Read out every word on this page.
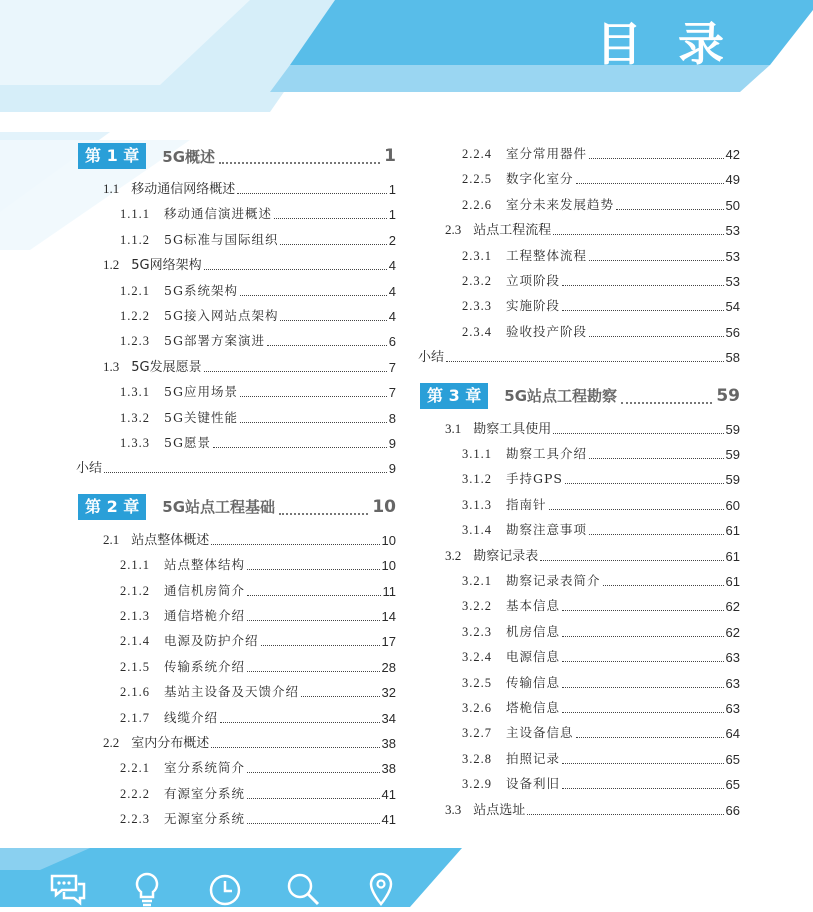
目录
第 1 章	5G概述	1
1.1 移动通信网络概述	1
1.1.1 移动通信演进概述	1
1.1.2 5G标准与国际组织	2
1.2 5G网络架构	4
1.2.1 5G系统架构	4
1.2.2 5G接入网站点架构	4
1.2.3 5G部署方案演进	6
1.3 5G发展愿景	7
1.3.1 5G应用场景	7
1.3.2 5G关键性能	8
1.3.3 5G愿景	9
小结	9
第 2 章	5G站点工程基础	10
2.1 站点整体概述	10
2.1.1 站点整体结构	10
2.1.2 通信机房简介	11
2.1.3 通信塔桅介绍	14
2.1.4 电源及防护介绍	17
2.1.5 传输系统介绍	28
2.1.6 基站主设备及天馈介绍	32
2.1.7 线缆介绍	34
2.2 室内分布概述	38
2.2.1 室分系统简介	38
2.2.2 有源室分系统	41
2.2.3 无源室分系统	41
2.2.4 室分常用器件	42
2.2.5 数字化室分	49
2.2.6 室分未来发展趋势	50
2.3 站点工程流程	53
2.3.1 工程整体流程	53
2.3.2 立项阶段	53
2.3.3 实施阶段	54
2.3.4 验收投产阶段	56
小结	58
第 3 章	5G站点工程勘察	59
3.1 勘察工具使用	59
3.1.1 勘察工具介绍	59
3.1.2 手持GPS	59
3.1.3 指南针	60
3.1.4 勘察注意事项	61
3.2 勘察记录表	61
3.2.1 勘察记录表简介	61
3.2.2 基本信息	62
3.2.3 机房信息	62
3.2.4 电源信息	63
3.2.5 传输信息	63
3.2.6 塔桅信息	63
3.2.7 主设备信息	64
3.2.8 拍照记录	65
3.2.9 设备利旧	65
3.3 站点选址	66
